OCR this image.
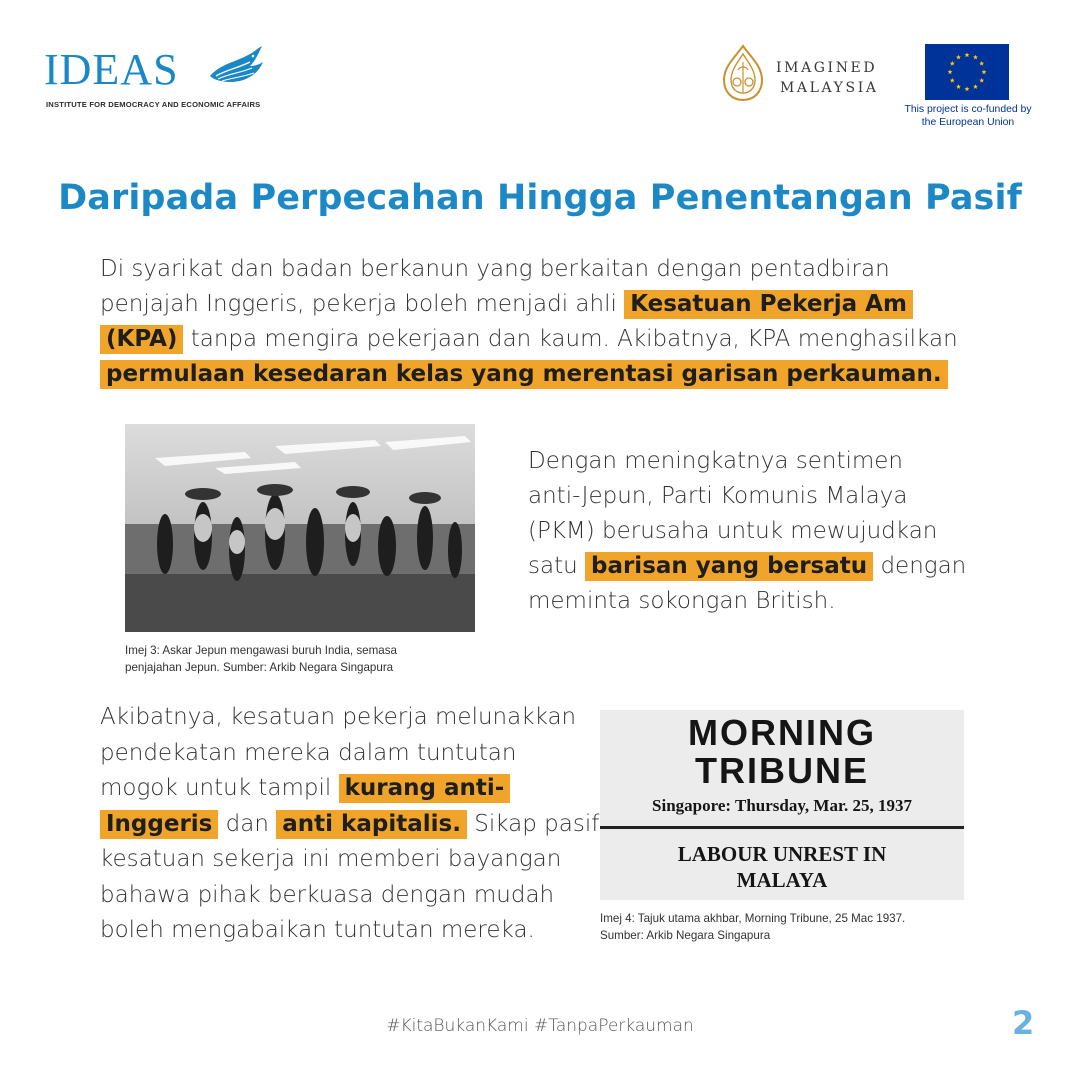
IDEAS
INSTITUTE FOR DEMOCRACY AND ECONOMIC AFFAIRS
IMAGINED
MALAYSIA
This project is co-funded by
the European Union
Daripada Perpecahan Hingga Penentangan Pasif
Di syarikat dan badan berkanun yang berkaitan dengan pentadbiran
penjajah Inggeris, pekerja boleh menjadi ahli Kesatuan Pekerja Am
(KPA) tanpa mengira pekerjaan dan kaum. Akibatnya, KPA menghasilkan
permulaan kesedaran kelas yang merentasi garisan perkauman.
Imej 3: Askar Jepun mengawasi buruh India, semasa
penjajahan Jepun. Sumber: Arkib Negara Singapura
Dengan meningkatnya sentimen
anti-Jepun, Parti Komunis Malaya
(PKM) berusaha untuk mewujudkan
satu barisan yang bersatu dengan
meminta sokongan British.
Akibatnya, kesatuan pekerja melunakkan
pendekatan mereka dalam tuntutan
mogok untuk tampil kurang anti-
Inggeris dan anti kapitalis. Sikap pasif
kesatuan sekerja ini memberi bayangan
bahawa pihak berkuasa dengan mudah
boleh mengabaikan tuntutan mereka.
MORNING
TRIBUNE
Singapore: Thursday, Mar. 25, 1937
LABOUR UNREST IN
MALAYA
Imej 4: Tajuk utama akhbar, Morning Tribune, 25 Mac 1937.
Sumber: Arkib Negara Singapura
#KitaBukanKami #TanpaPerkauman	2
